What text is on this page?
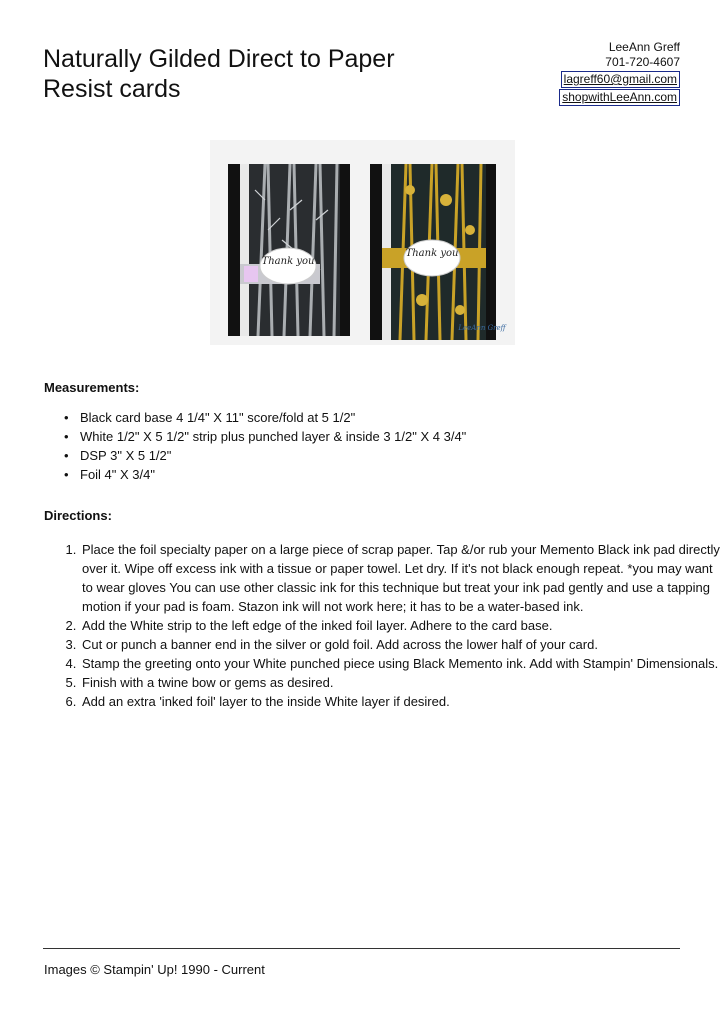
Naturally Gilded Direct to Paper Resist cards
LeeAnn Greff
701-720-4607
lagreff60@gmail.com
shopwithLeeAnn.com
Thank you
Thank you
LeeAnn Greff
Measurements:
• Black card base 4 1/4" X 11" score/fold at 5 1/2"
• White 1/2" X 5 1/2" strip plus punched layer & inside 3 1/2" X 4 3/4"
• DSP 3" X 5 1/2"
• Foil 4" X 3/4"
Directions:
1. Place the foil specialty paper on a large piece of scrap paper. Tap &/or rub your Memento Black ink pad directly over it. Wipe off excess ink with a tissue or paper towel. Let dry. If it's not black enough repeat. *you may want to wear gloves You can use other classic ink for this technique but treat your ink pad gently and use a tapping motion if your pad is foam. Stazon ink will not work here; it has to be a water-based ink.
2. Add the White strip to the left edge of the inked foil layer. Adhere to the card base.
3. Cut or punch a banner end in the silver or gold foil. Add across the lower half of your card.
4. Stamp the greeting onto your White punched piece using Black Memento ink. Add with Stampin' Dimensionals.
5. Finish with a twine bow or gems as desired.
6. Add an extra 'inked foil' layer to the inside White layer if desired.
Images © Stampin' Up! 1990 - Current
